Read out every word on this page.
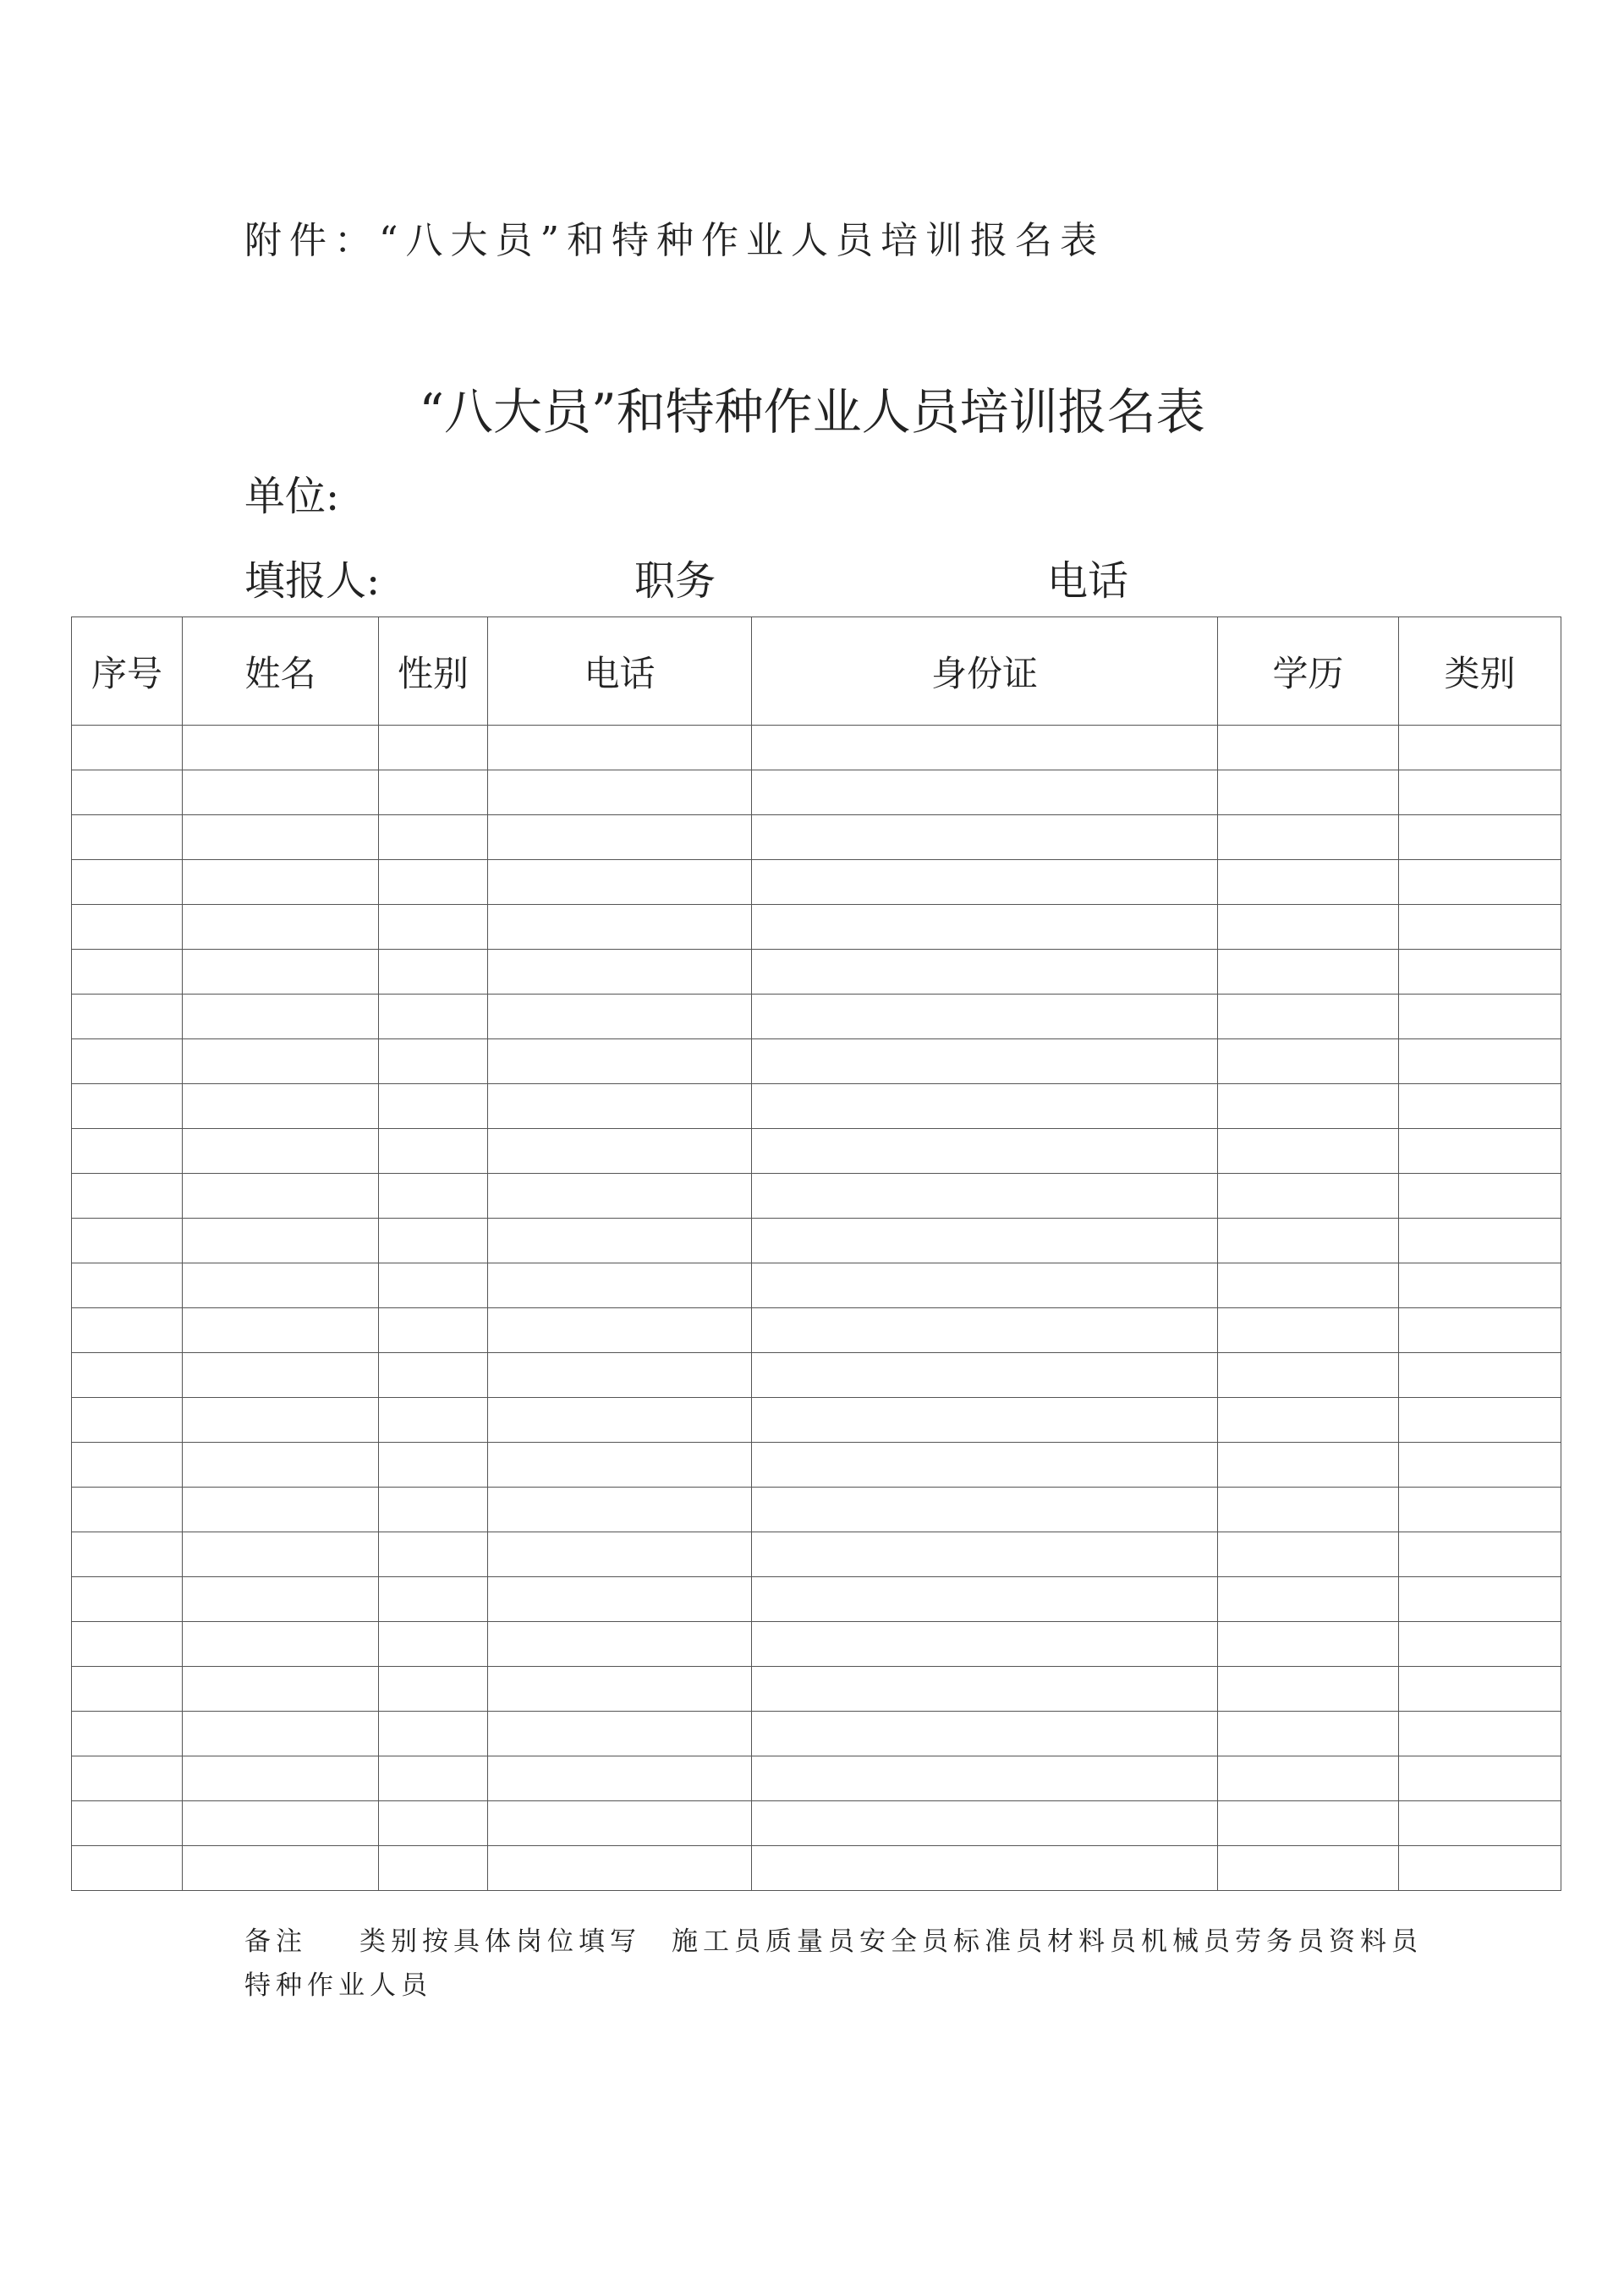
附件：“八大员”和特种作业人员培训报名表
“八大员”和特种作业人员培训报名表
单位:
填报人:	职务	电话
序号	姓名	性别	电话	身份证	学历	类别

备注 类别按具体岗位填写 施工员质量员安全员标准员材料员机械员劳务员资料员
特种作业人员
